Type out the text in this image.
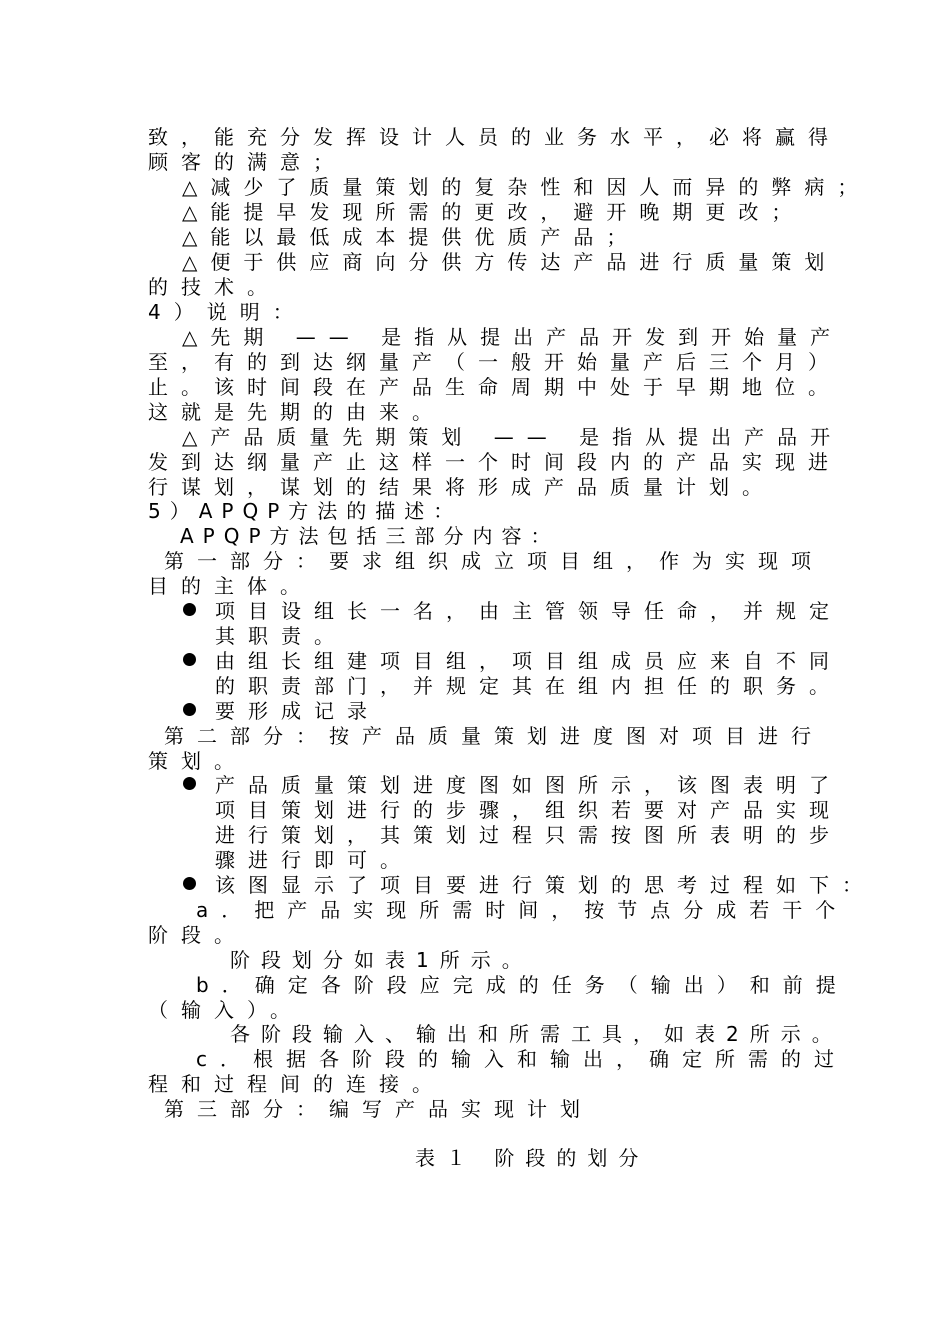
致，能充分发挥设计人员的业务水平，必将赢得
顾客的满意；
△减少了质量策划的复杂性和因人而异的弊病；
△能提早发现所需的更改，避开晚期更改；
△能以最低成本提供优质产品；
△便于供应商向分供方传达产品进行质量策划
的技术。
4）说明：
△先期 —— 是指从提出产品开发到开始量产
至，有的到达纲量产（一般开始量产后三个月）
止。该时间段在产品生命周期中处于早期地位。
这就是先期的由来。
△产品质量先期策划 —— 是指从提出产品开
发到达纲量产止这样一个时间段内的产品实现进
行谋划，谋划的结果将形成产品质量计划。
5）APQP方法的描述：
APQP方法包括三部分内容：
第一部分：要求组织成立项目组，作为实现项
目的主体。
项目设组长一名，由主管领导任命，并规定
其职责。
由组长组建项目组，项目组成员应来自不同
的职责部门，并规定其在组内担任的职务。
要形成记录
第二部分：按产品质量策划进度图对项目进行
策划。
产品质量策划进度图如图所示，该图表明了
项目策划进行的步骤，组织若要对产品实现
进行策划，其策划过程只需按图所表明的步
骤进行即可。
该图显示了项目要进行策划的思考过程如下：
a．把产品实现所需时间，按节点分成若干个
阶段。
阶段划分如表1所示。
b．确定各阶段应完成的任务（输出）和前提
（输入）。
各阶段输入、输出和所需工具，如表2所示。
c．根据各阶段的输入和输出，确定所需的过
程和过程间的连接。
第三部分：编写产品实现计划
表１ 阶段的划分
